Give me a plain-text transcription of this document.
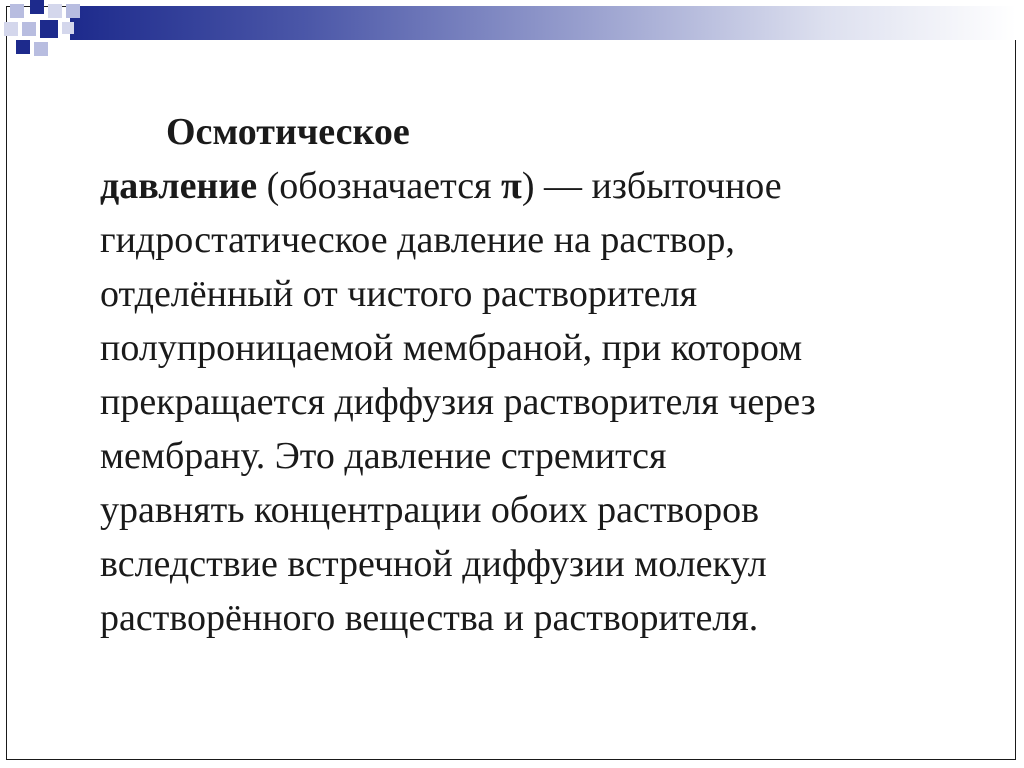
Осмотическое
давление (обозначается π) — избыточное
гидростатическое давление на раствор,
отделённый от чистого растворителя
полупроницаемой мембраной, при котором
прекращается диффузия растворителя через
мембрану. Это давление стремится
уравнять концентрации обоих растворов
вследствие встречной диффузии молекул
растворённого вещества и растворителя.
